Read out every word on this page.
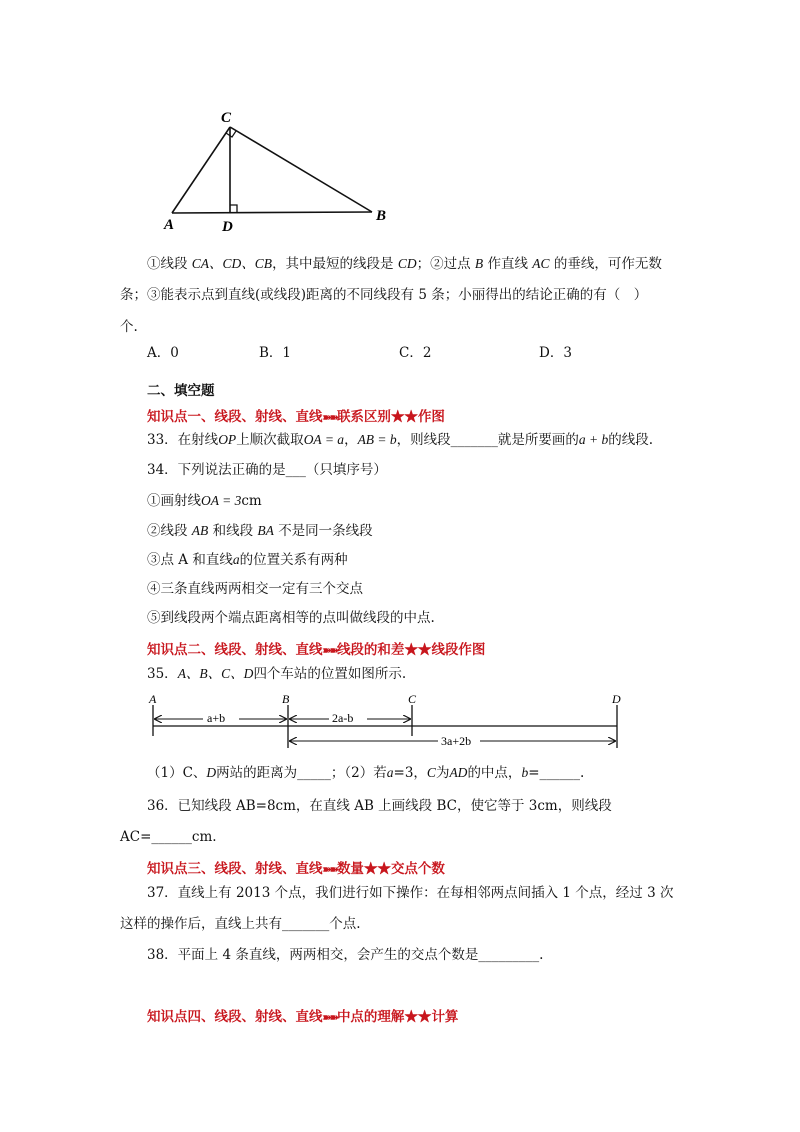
C
A	D
B
①线段 CA、CD、CB，其中最短的线段是 CD；②过点 B 作直线 AC 的垂线，可作无数
条；③能表示点到直线(或线段)距离的不同线段有 5 条；小丽得出的结论正确的有（　）
个.
A．0	B．1	C．2	D．3
二、填空题
知识点一、线段、射线、直线➽➽联系区别★★作图
33．在射线OP上顺次截取OA = a，AB = b，则线段_______就是所要画的a + b的线段.
34．下列说法正确的是___（只填序号）
①画射线OA = 3cm
②线段 AB 和线段 BA 不是同一条线段
③点 A 和直线a的位置关系有两种
④三条直线两两相交一定有三个交点
⑤到线段两个端点距离相等的点叫做线段的中点.
知识点二、线段、射线、直线➽➽线段的和差★★线段作图
35．A、B、C、D四个车站的位置如图所示.
A	B	C	D
a+b	2a-b
3a+2b
（1）C、D两站的距离为_____；（2）若a=3，C为AD的中点，b=______.
36．已知线段 AB=8cm，在直线 AB 上画线段 BC，使它等于 3cm，则线段
AC=______cm.
知识点三、线段、射线、直线➽➽数量★★交点个数
37．直线上有 2013 个点，我们进行如下操作：在每相邻两点间插入 1 个点，经过 3 次
这样的操作后，直线上共有_______个点.
38．平面上 4 条直线，两两相交，会产生的交点个数是_________.
知识点四、线段、射线、直线➽➽中点的理解★★计算
